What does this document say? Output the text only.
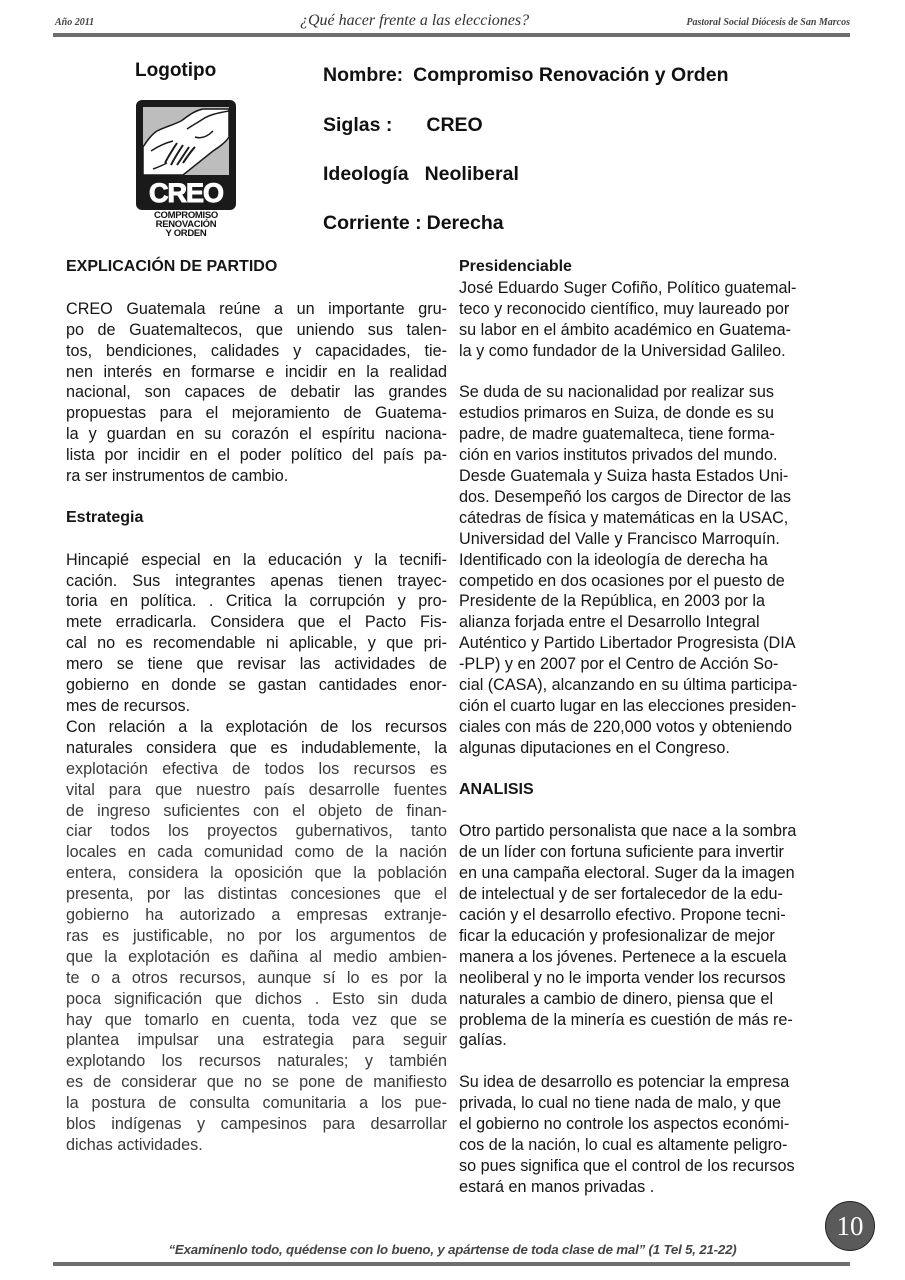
Año 2011	¿Qué hacer frente a las elecciones?	Pastoral Social Diócesis de San Marcos
Logotipo
CREO
COMPROMISO
RENOVACIÓN
Y ORDEN
Nombre: Compromiso Renovación y Orden
Siglas : CREO
Ideología Neoliberal
Corriente : Derecha

EXPLICACIÓN DE PARTIDO

CREO Guatemala reúne a un importante gru-
po de Guatemaltecos, que uniendo sus talen-
tos, bendiciones, calidades y capacidades, tie-
nen interés en formarse e incidir en la realidad
nacional, son capaces de debatir las grandes
propuestas para el mejoramiento de Guatema-
la y guardan en su corazón el espíritu naciona-
lista por incidir en el poder político del país pa-
ra ser instrumentos de cambio.

Estrategia

Hincapié especial en la educación y la tecnifi-
cación. Sus integrantes apenas tienen trayec-
toria en política. . Critica la corrupción y pro-
mete erradicarla. Considera que el Pacto Fis-
cal no es recomendable ni aplicable, y que pri-
mero se tiene que revisar las actividades de
gobierno en donde se gastan cantidades enor-
mes de recursos.
Con relación a la explotación de los recursos
naturales considera que es indudablemente, la
explotación efectiva de todos los recursos es
vital para que nuestro país desarrolle fuentes
de ingreso suficientes con el objeto de finan-
ciar todos los proyectos gubernativos, tanto
locales en cada comunidad como de la nación
entera, considera la oposición que la población
presenta, por las distintas concesiones que el
gobierno ha autorizado a empresas extranje-
ras es justificable, no por los argumentos de
que la explotación es dañina al medio ambien-
te o a otros recursos, aunque sí lo es por la
poca significación que dichos . Esto sin duda
hay que tomarlo en cuenta, toda vez que se
plantea impulsar una estrategia para seguir
explotando los recursos naturales; y también
es de considerar que no se pone de manifiesto
la postura de consulta comunitaria a los pue-
blos indígenas y campesinos para desarrollar
dichas actividades.

Presidenciable

José Eduardo Suger Cofiño, Político guatemal-
teco y reconocido científico, muy laureado por
su labor en el ámbito académico en Guatema-
la y como fundador de la Universidad Galileo.
Se duda de su nacionalidad por realizar sus
estudios primaros en Suiza, de donde es su
padre, de madre guatemalteca, tiene forma-
ción en varios institutos privados del mundo.
Desde Guatemala y Suiza hasta Estados Uni-
dos. Desempeñó los cargos de Director de las
cátedras de física y matemáticas en la USAC,
Universidad del Valle y Francisco Marroquín.
Identificado con la ideología de derecha ha
competido en dos ocasiones por el puesto de
Presidente de la República, en 2003 por la
alianza forjada entre el Desarrollo Integral
Auténtico y Partido Libertador Progresista (DIA
-PLP) y en 2007 por el Centro de Acción So-
cial (CASA), alcanzando en su última participa-
ción el cuarto lugar en las elecciones presiden-
ciales con más de 220,000 votos y obteniendo
algunas diputaciones en el Congreso.

ANALISIS

Otro partido personalista que nace a la sombra
de un líder con fortuna suficiente para invertir
en una campaña electoral. Suger da la imagen
de intelectual y de ser fortalecedor de la edu-
cación y el desarrollo efectivo. Propone tecni-
ficar la educación y profesionalizar de mejor
manera a los jóvenes. Pertenece a la escuela
neoliberal y no le importa vender los recursos
naturales a cambio de dinero, piensa que el
problema de la minería es cuestión de más re-
galías.
Su idea de desarrollo es potenciar la empresa
privada, lo cual no tiene nada de malo, y que
el gobierno no controle los aspectos económi-
cos de la nación, lo cual es altamente peligro-
so pues significa que el control de los recursos
estará en manos privadas .
10
“Examínenlo todo, quédense con lo bueno, y apártense de toda clase de mal” (1 Tel 5, 21-22)
